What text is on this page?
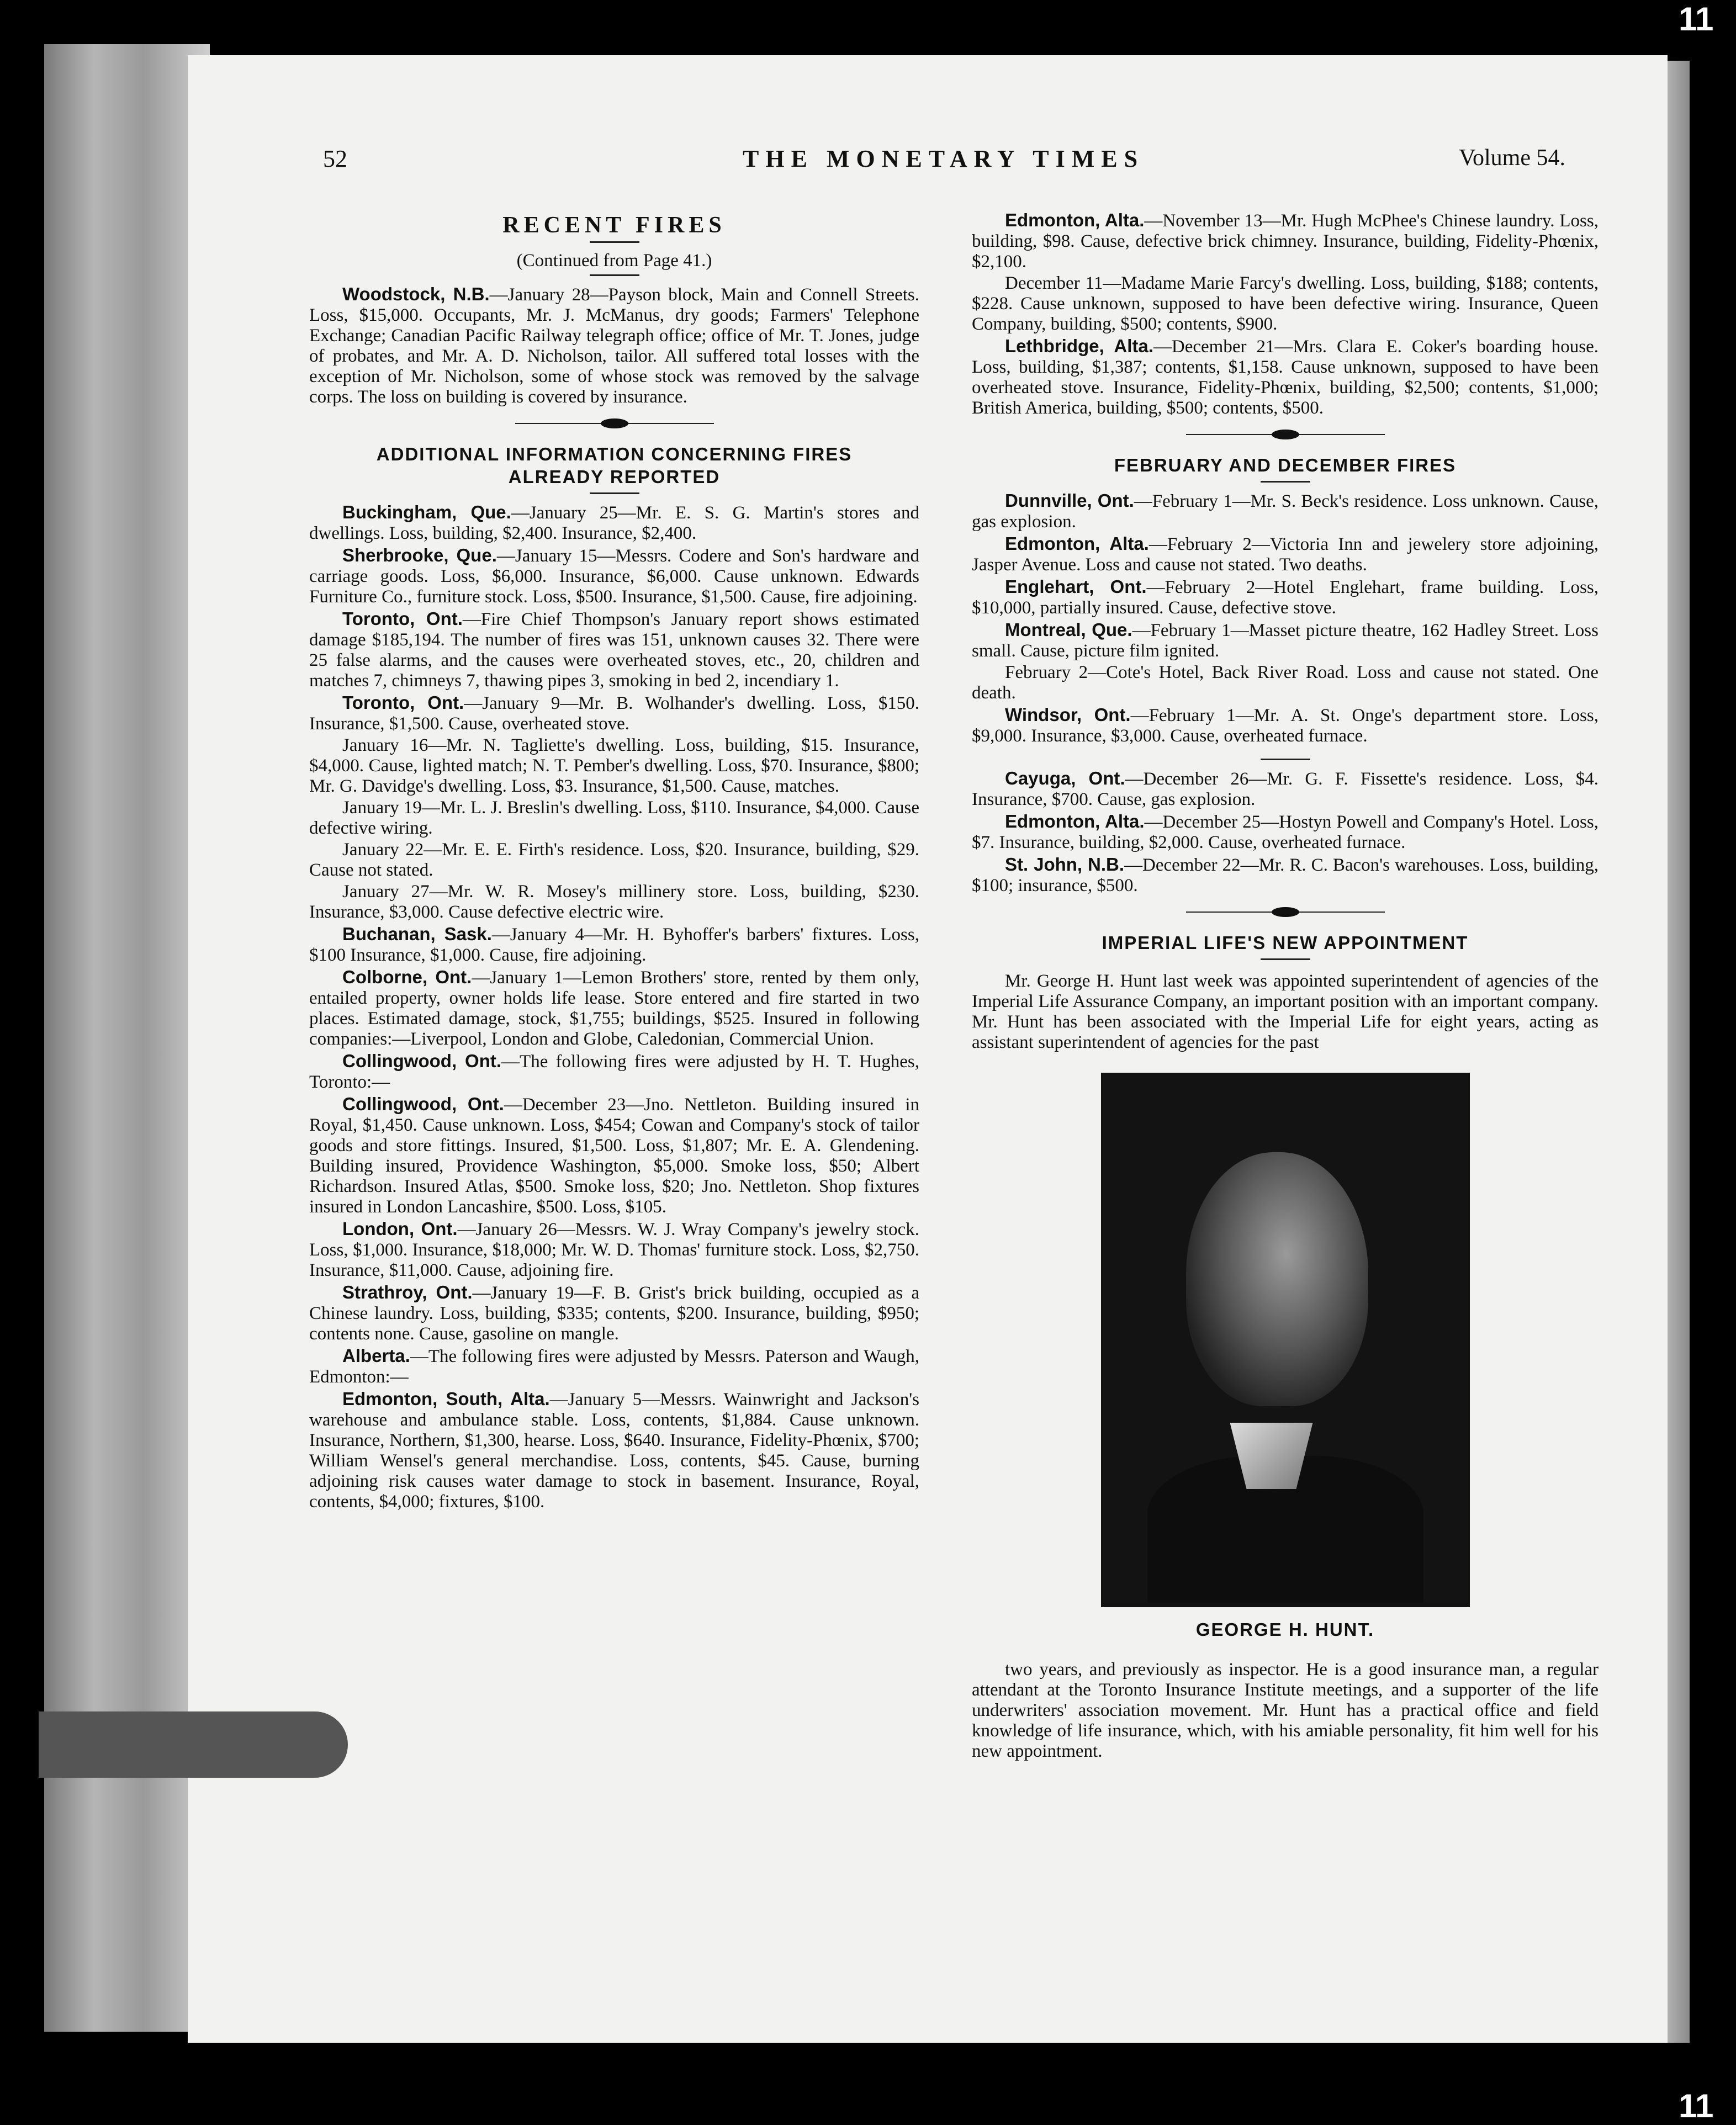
11
11
52	THE MONETARY TIMES	Volume 54.
RECENT FIRES
(Continued from Page 41.)

Woodstock, N.B.—January 28—Payson block, Main and Connell Streets. Loss, $15,000. Occupants, Mr. J. McManus, dry goods; Farmers' Telephone Exchange; Canadian Pacific Railway telegraph office; office of Mr. T. Jones, judge of probates, and Mr. A. D. Nicholson, tailor. All suffered total losses with the exception of Mr. Nicholson, some of whose stock was removed by the salvage corps. The loss on building is covered by insurance.

ADDITIONAL INFORMATION CONCERNING FIRES
ALREADY REPORTED

Buckingham, Que.—January 25—Mr. E. S. G. Martin's stores and dwellings. Loss, building, $2,400. Insurance, $2,400.

Sherbrooke, Que.—January 15—Messrs. Codere and Son's hardware and carriage goods. Loss, $6,000. Insurance, $6,000. Cause unknown. Edwards Furniture Co., furniture stock. Loss, $500. Insurance, $1,500. Cause, fire adjoining.

Toronto, Ont.—Fire Chief Thompson's January report shows estimated damage $185,194. The number of fires was 151, unknown causes 32. There were 25 false alarms, and the causes were overheated stoves, etc., 20, children and matches 7, chimneys 7, thawing pipes 3, smoking in bed 2, incendiary 1.

Toronto, Ont.—January 9—Mr. B. Wolhander's dwelling. Loss, $150. Insurance, $1,500. Cause, overheated stove.

January 16—Mr. N. Tagliette's dwelling. Loss, building, $15. Insurance, $4,000. Cause, lighted match; N. T. Pember's dwelling. Loss, $70. Insurance, $800; Mr. G. Davidge's dwelling. Loss, $3. Insurance, $1,500. Cause, matches.

January 19—Mr. L. J. Breslin's dwelling. Loss, $110. Insurance, $4,000. Cause defective wiring.

January 22—Mr. E. E. Firth's residence. Loss, $20. Insurance, building, $29. Cause not stated.

January 27—Mr. W. R. Mosey's millinery store. Loss, building, $230. Insurance, $3,000. Cause defective electric wire.

Buchanan, Sask.—January 4—Mr. H. Byhoffer's barbers' fixtures. Loss, $100 Insurance, $1,000. Cause, fire adjoining.

Colborne, Ont.—January 1—Lemon Brothers' store, rented by them only, entailed property, owner holds life lease. Store entered and fire started in two places. Estimated damage, stock, $1,755; buildings, $525. Insured in following companies:—Liverpool, London and Globe, Caledonian, Commercial Union.

Collingwood, Ont.—The following fires were adjusted by H. T. Hughes, Toronto:—

Collingwood, Ont.—December 23—Jno. Nettleton. Building insured in Royal, $1,450. Cause unknown. Loss, $454; Cowan and Company's stock of tailor goods and store fittings. Insured, $1,500. Loss, $1,807; Mr. E. A. Glendening. Building insured, Providence Washington, $5,000. Smoke loss, $50; Albert Richardson. Insured Atlas, $500. Smoke loss, $20; Jno. Nettleton. Shop fixtures insured in London Lancashire, $500. Loss, $105.

London, Ont.—January 26—Messrs. W. J. Wray Company's jewelry stock. Loss, $1,000. Insurance, $18,000; Mr. W. D. Thomas' furniture stock. Loss, $2,750. Insurance, $11,000. Cause, adjoining fire.

Strathroy, Ont.—January 19—F. B. Grist's brick building, occupied as a Chinese laundry. Loss, building, $335; contents, $200. Insurance, building, $950; contents none. Cause, gasoline on mangle.

Alberta.—The following fires were adjusted by Messrs. Paterson and Waugh, Edmonton:—

Edmonton, South, Alta.—January 5—Messrs. Wainwright and Jackson's warehouse and ambulance stable. Loss, contents, $1,884. Cause unknown. Insurance, Northern, $1,300, hearse. Loss, $640. Insurance, Fidelity-Phœnix, $700; William Wensel's general merchandise. Loss, contents, $45. Cause, burning adjoining risk causes water damage to stock in basement. Insurance, Royal, contents, $4,000; fixtures, $100.

Edmonton, Alta.—November 13—Mr. Hugh McPhee's Chinese laundry. Loss, building, $98. Cause, defective brick chimney. Insurance, building, Fidelity-Phœnix, $2,100.

December 11—Madame Marie Farcy's dwelling. Loss, building, $188; contents, $228. Cause unknown, supposed to have been defective wiring. Insurance, Queen Company, building, $500; contents, $900.

Lethbridge, Alta.—December 21—Mrs. Clara E. Coker's boarding house. Loss, building, $1,387; contents, $1,158. Cause unknown, supposed to have been overheated stove. Insurance, Fidelity-Phœnix, building, $2,500; contents, $1,000; British America, building, $500; contents, $500.

FEBRUARY AND DECEMBER FIRES

Dunnville, Ont.—February 1—Mr. S. Beck's residence. Loss unknown. Cause, gas explosion.

Edmonton, Alta.—February 2—Victoria Inn and jewelery store adjoining, Jasper Avenue. Loss and cause not stated. Two deaths.

Englehart, Ont.—February 2—Hotel Englehart, frame building. Loss, $10,000, partially insured. Cause, defective stove.

Montreal, Que.—February 1—Masset picture theatre, 162 Hadley Street. Loss small. Cause, picture film ignited.

February 2—Cote's Hotel, Back River Road. Loss and cause not stated. One death.

Windsor, Ont.—February 1—Mr. A. St. Onge's department store. Loss, $9,000. Insurance, $3,000. Cause, overheated furnace.

Cayuga, Ont.—December 26—Mr. G. F. Fissette's residence. Loss, $4. Insurance, $700. Cause, gas explosion.

Edmonton, Alta.—December 25—Hostyn Powell and Company's Hotel. Loss, $7. Insurance, building, $2,000. Cause, overheated furnace.

St. John, N.B.—December 22—Mr. R. C. Bacon's warehouses. Loss, building, $100; insurance, $500.

IMPERIAL LIFE'S NEW APPOINTMENT

Mr. George H. Hunt last week was appointed superintendent of agencies of the Imperial Life Assurance Company, an important position with an important company. Mr. Hunt has been associated with the Imperial Life for eight years, acting as assistant superintendent of agencies for the past

GEORGE H. HUNT.

two years, and previously as inspector. He is a good insurance man, a regular attendant at the Toronto Insurance Institute meetings, and a supporter of the life underwriters' association movement. Mr. Hunt has a practical office and field knowledge of life insurance, which, with his amiable personality, fit him well for his new appointment.
